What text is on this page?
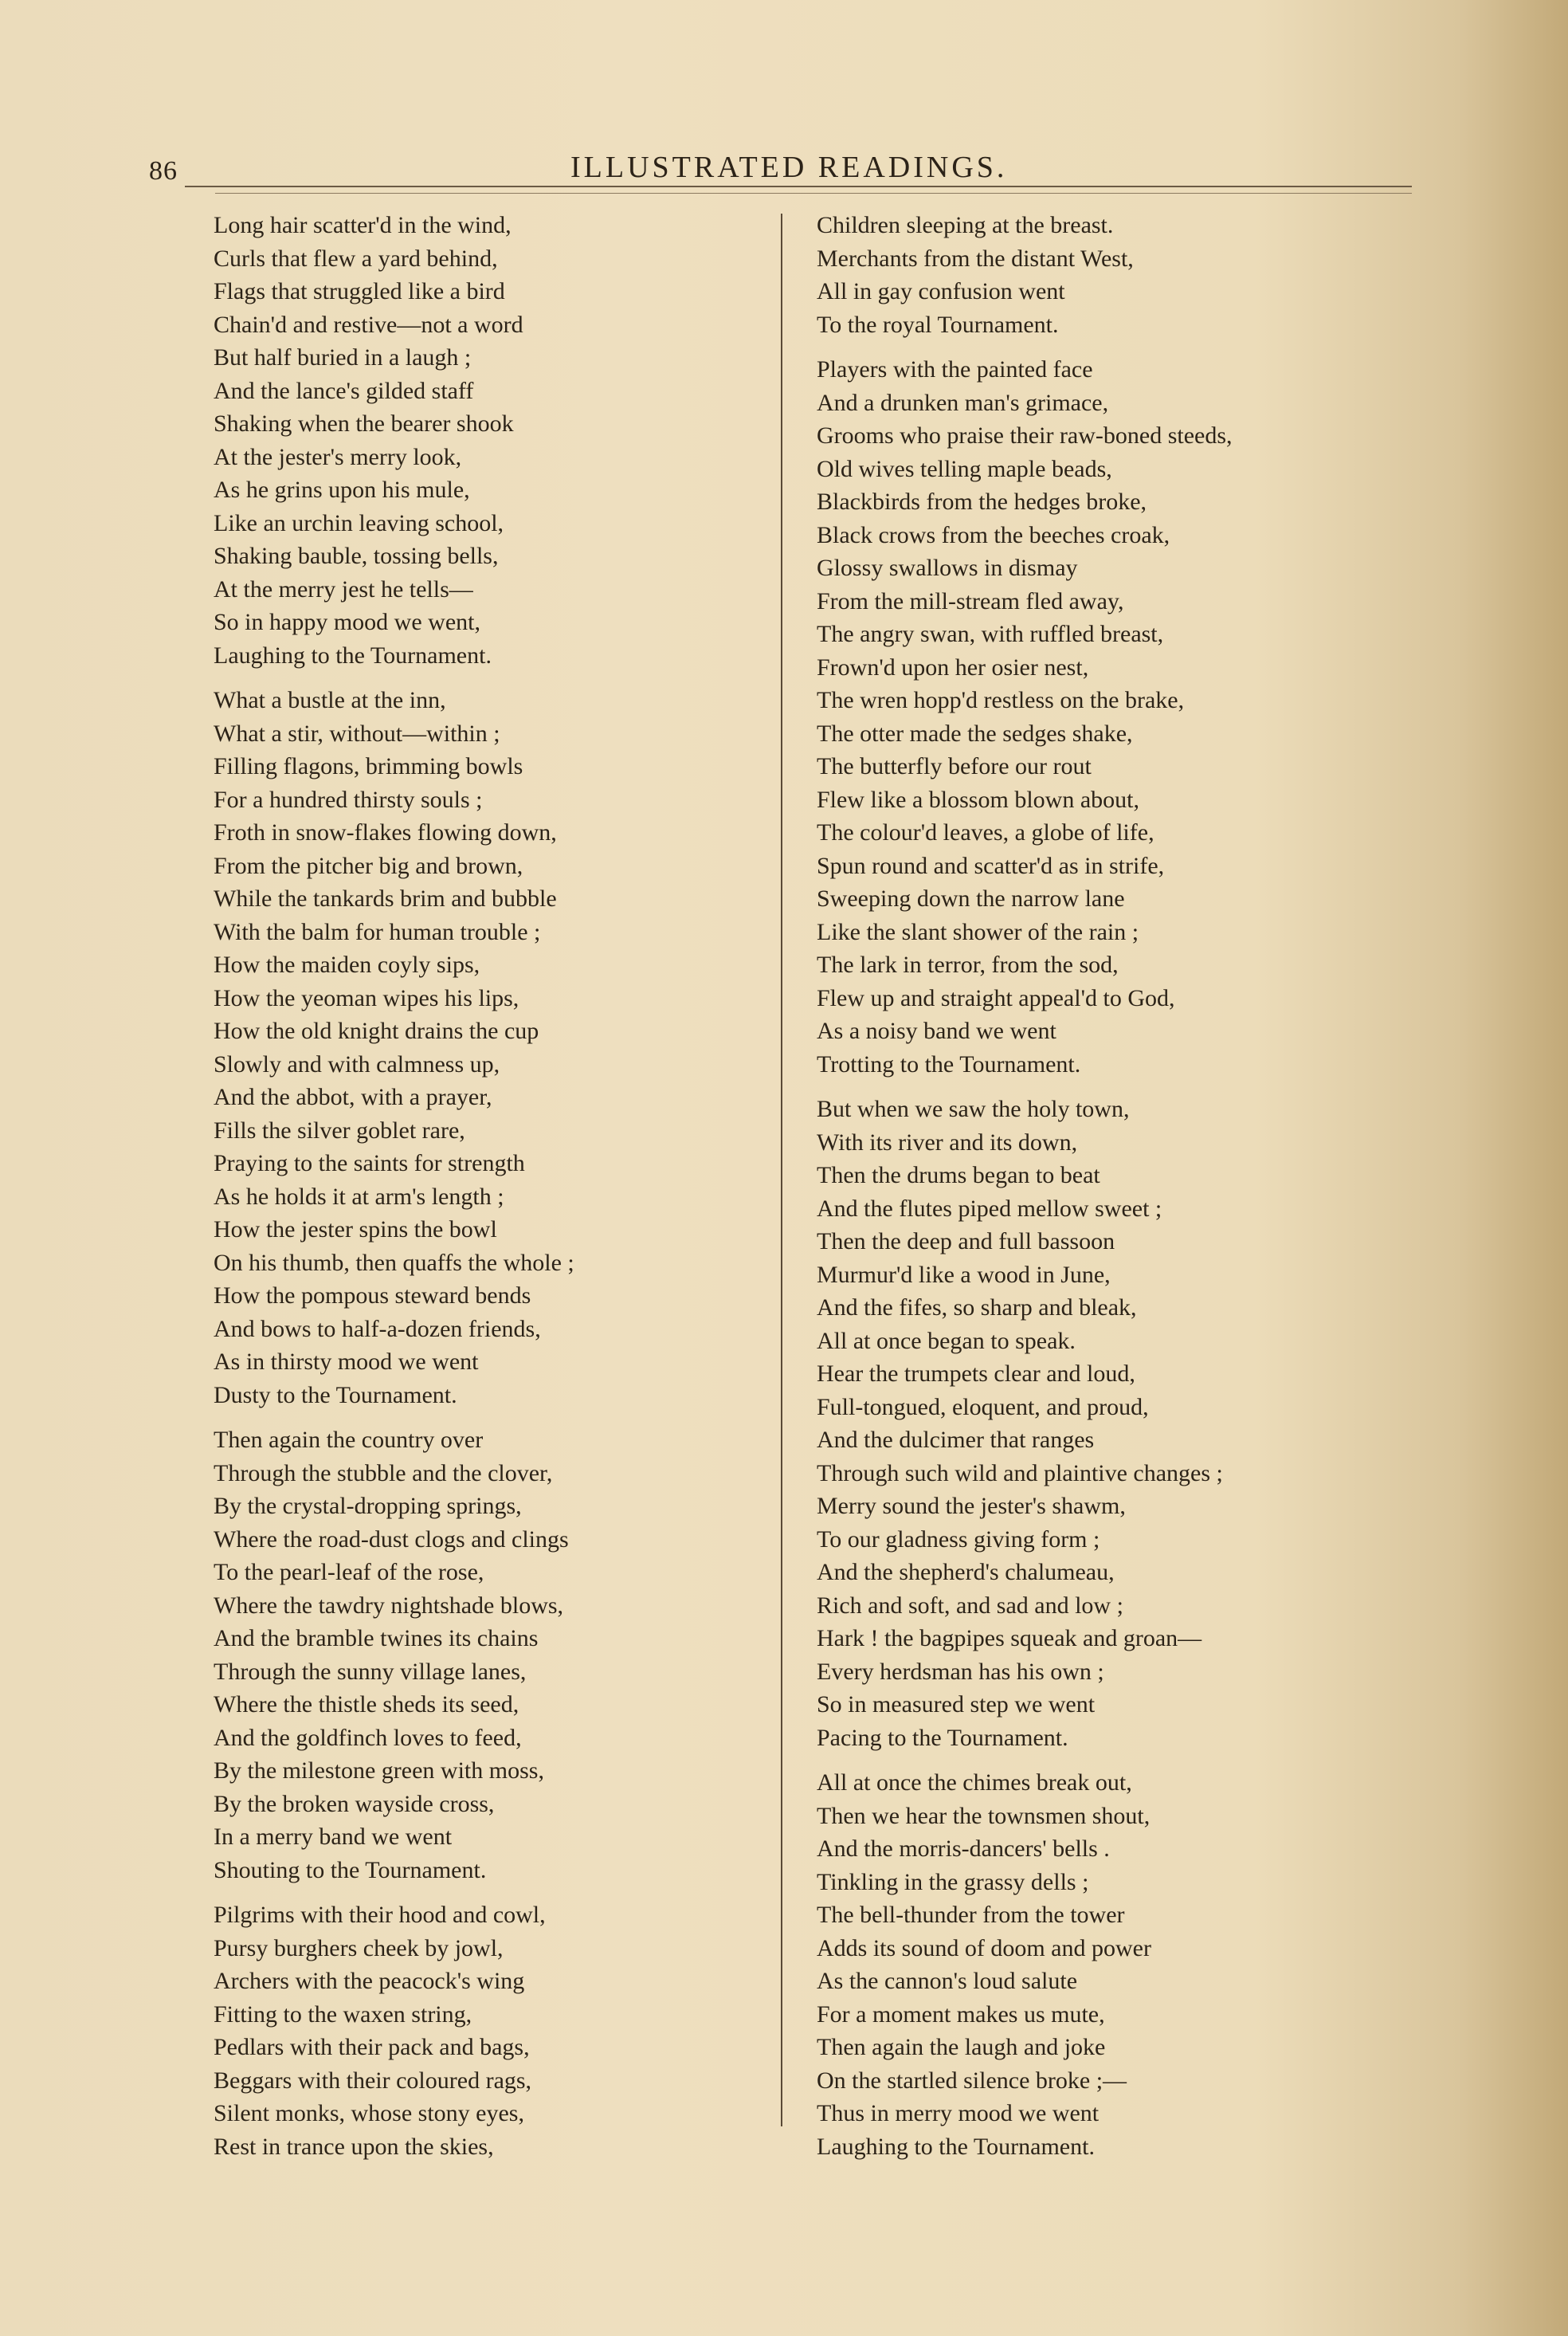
86	ILLUSTRATED READINGS.
Long hair scatter'd in the wind,
Curls that flew a yard behind,
Flags that struggled like a bird
Chain'd and restive—not a word
But half buried in a laugh ;
And the lance's gilded staff
Shaking when the bearer shook
At the jester's merry look,
As he grins upon his mule,
Like an urchin leaving school,
Shaking bauble, tossing bells,
At the merry jest he tells—
So in happy mood we went,
Laughing to the Tournament.
What a bustle at the inn,
What a stir, without—within ;
Filling flagons, brimming bowls
For a hundred thirsty souls ;
Froth in snow-flakes flowing down,
From the pitcher big and brown,
While the tankards brim and bubble
With the balm for human trouble ;
How the maiden coyly sips,
How the yeoman wipes his lips,
How the old knight drains the cup
Slowly and with calmness up,
And the abbot, with a prayer,
Fills the silver goblet rare,
Praying to the saints for strength
As he holds it at arm's length ;
How the jester spins the bowl
On his thumb, then quaffs the whole ;
How the pompous steward bends
And bows to half-a-dozen friends,
As in thirsty mood we went
Dusty to the Tournament.
Then again the country over
Through the stubble and the clover,
By the crystal-dropping springs,
Where the road-dust clogs and clings
To the pearl-leaf of the rose,
Where the tawdry nightshade blows,
And the bramble twines its chains
Through the sunny village lanes,
Where the thistle sheds its seed,
And the goldfinch loves to feed,
By the milestone green with moss,
By the broken wayside cross,
In a merry band we went
Shouting to the Tournament.
Pilgrims with their hood and cowl,
Pursy burghers cheek by jowl,
Archers with the peacock's wing
Fitting to the waxen string,
Pedlars with their pack and bags,
Beggars with their coloured rags,
Silent monks, whose stony eyes,
Rest in trance upon the skies,
Children sleeping at the breast.
Merchants from the distant West,
All in gay confusion went
To the royal Tournament.
Players with the painted face
And a drunken man's grimace,
Grooms who praise their raw-boned steeds,
Old wives telling maple beads,
Blackbirds from the hedges broke,
Black crows from the beeches croak,
Glossy swallows in dismay
From the mill-stream fled away,
The angry swan, with ruffled breast,
Frown'd upon her osier nest,
The wren hopp'd restless on the brake,
The otter made the sedges shake,
The butterfly before our rout
Flew like a blossom blown about,
The colour'd leaves, a globe of life,
Spun round and scatter'd as in strife,
Sweeping down the narrow lane
Like the slant shower of the rain ;
The lark in terror, from the sod,
Flew up and straight appeal'd to God,
As a noisy band we went
Trotting to the Tournament.
But when we saw the holy town,
With its river and its down,
Then the drums began to beat
And the flutes piped mellow sweet ;
Then the deep and full bassoon
Murmur'd like a wood in June,
And the fifes, so sharp and bleak,
All at once began to speak.
Hear the trumpets clear and loud,
Full-tongued, eloquent, and proud,
And the dulcimer that ranges
Through such wild and plaintive changes ;
Merry sound the jester's shawm,
To our gladness giving form ;
And the shepherd's chalumeau,
Rich and soft, and sad and low ;
Hark ! the bagpipes squeak and groan—
Every herdsman has his own ;
So in measured step we went
Pacing to the Tournament.
All at once the chimes break out,
Then we hear the townsmen shout,
And the morris-dancers' bells .
Tinkling in the grassy dells ;
The bell-thunder from the tower
Adds its sound of doom and power
As the cannon's loud salute
For a moment makes us mute,
Then again the laugh and joke
On the startled silence broke ;—
Thus in merry mood we went
Laughing to the Tournament.
